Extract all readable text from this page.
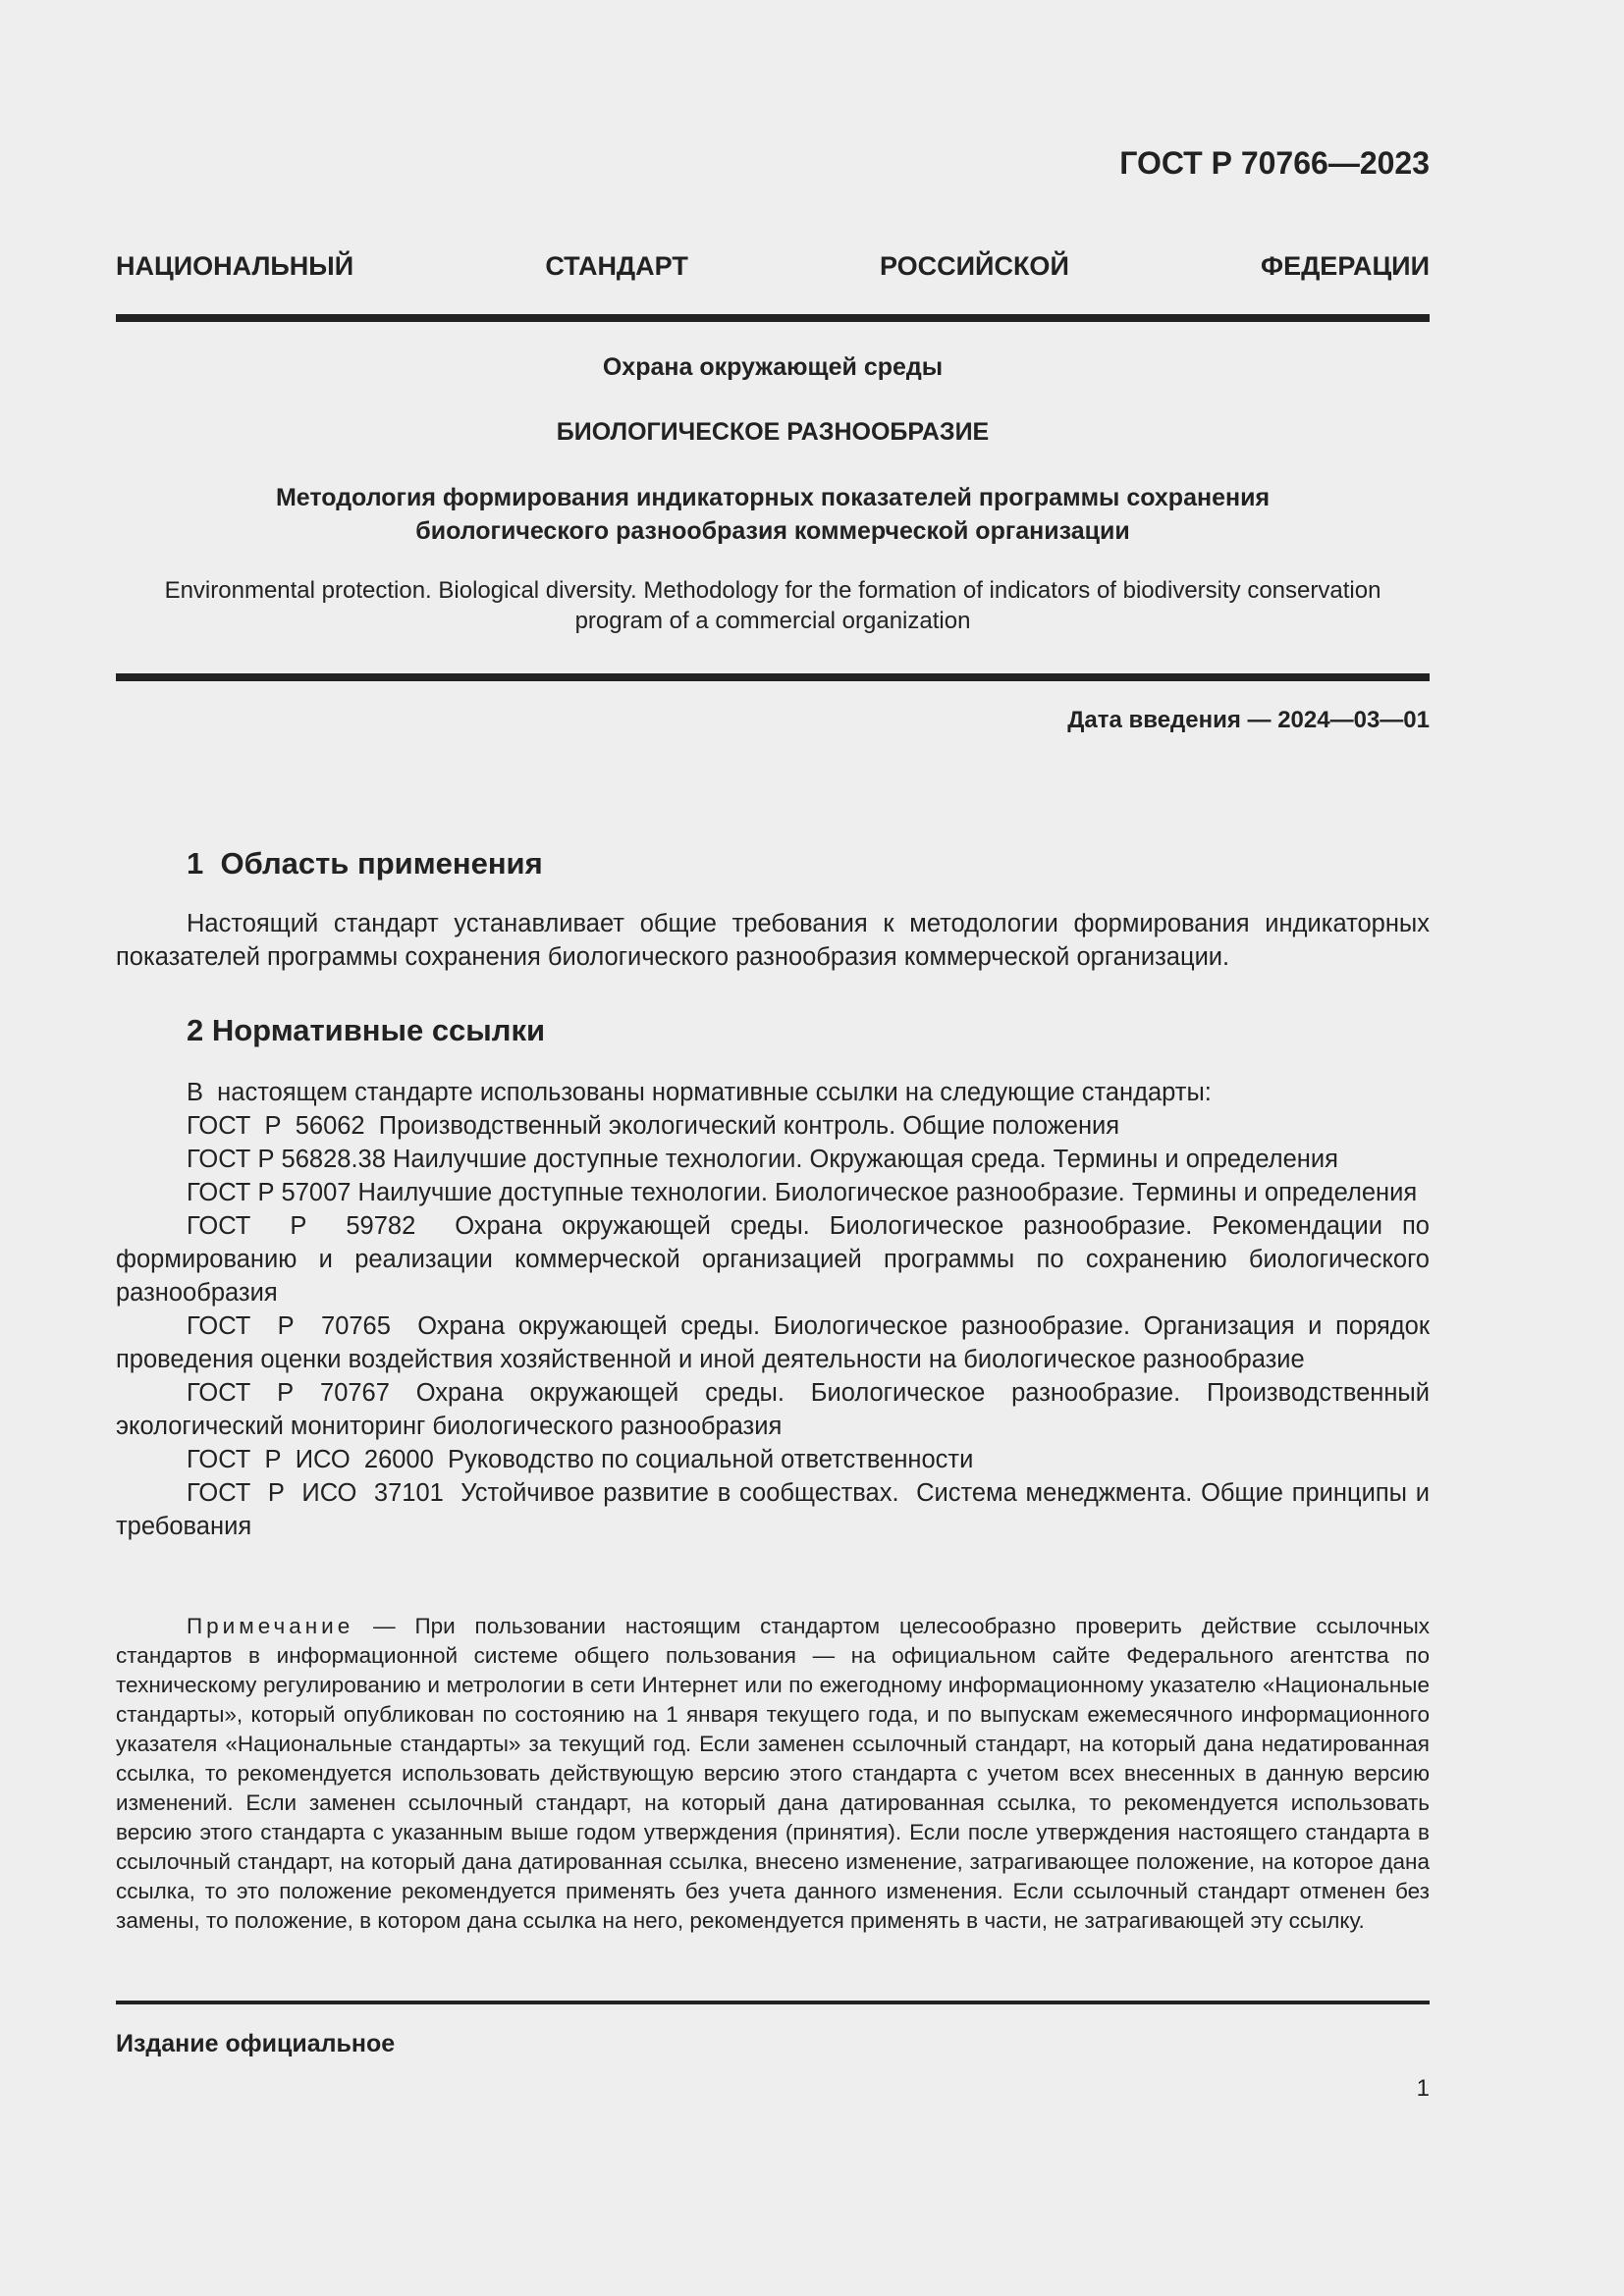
ГОСТ Р 70766—2023
НАЦИОНАЛЬНЫЙ СТАНДАРТ РОССИЙСКОЙ ФЕДЕРАЦИИ
Охрана окружающей среды
БИОЛОГИЧЕСКОЕ РАЗНООБРАЗИЕ
Методология формирования индикаторных показателей программы сохранения биологического разнообразия коммерческой организации
Environmental protection. Biological diversity. Methodology for the formation of indicators of biodiversity conservation program of a commercial organization
Дата введения — 2024—03—01
1  Область применения
Настоящий стандарт устанавливает общие требования к методологии формирования индикаторных показателей программы сохранения биологического разнообразия коммерческой организации.
2 Нормативные ссылки

В  настоящем стандарте использованы нормативные ссылки на следующие стандарты:

ГОСТ  Р  56062  Производственный экологический контроль. Общие положения

ГОСТ Р 56828.38 Наилучшие доступные технологии. Окружающая среда. Термины и определения

ГОСТ Р 57007 Наилучшие доступные технологии. Биологическое разнообразие. Термины и определения

ГОСТ  Р  59782  Охрана окружающей среды. Биологическое разнообразие. Рекомендации по формированию и реализации коммерческой организацией программы по сохранению биологического разнообразия

ГОСТ  Р  70765  Охрана окружающей среды. Биологическое разнообразие. Организация и порядок проведения оценки воздействия хозяйственной и иной деятельности на биологическое разнообразие

ГОСТ Р 70767 Охрана окружающей среды. Биологическое разнообразие. Производственный экологический мониторинг биологического разнообразия

ГОСТ  Р  ИСО  26000  Руководство по социальной ответственности

ГОСТ  Р  ИСО  37101  Устойчивое развитие в сообществах.  Система менеджмента. Общие принципы и требования

Примечание — При пользовании настоящим стандартом целесообразно проверить действие ссылочных стандартов в информационной системе общего пользования — на официальном сайте Федерального агентства по техническому регулированию и метрологии в сети Интернет или по ежегодному информационному указателю «Национальные стандарты», который опубликован по состоянию на 1 января текущего года, и по выпускам ежемесячного информационного указателя «Национальные стандарты» за текущий год. Если заменен ссылочный стандарт, на который дана недатированная ссылка, то рекомендуется использовать действующую версию этого стандарта с учетом всех внесенных в данную версию изменений. Если заменен ссылочный стандарт, на который дана датированная ссылка, то рекомендуется использовать версию этого стандарта с указанным выше годом утверждения (принятия). Если после утверждения настоящего стандарта в ссылочный стандарт, на который дана датированная ссылка, внесено изменение, затрагивающее положение, на которое дана ссылка, то это положение рекомендуется применять без учета данного изменения. Если ссылочный стандарт отменен без замены, то положение, в котором дана ссылка на него, рекомендуется применять в части, не затрагивающей эту ссылку.
Издание официальное
1
